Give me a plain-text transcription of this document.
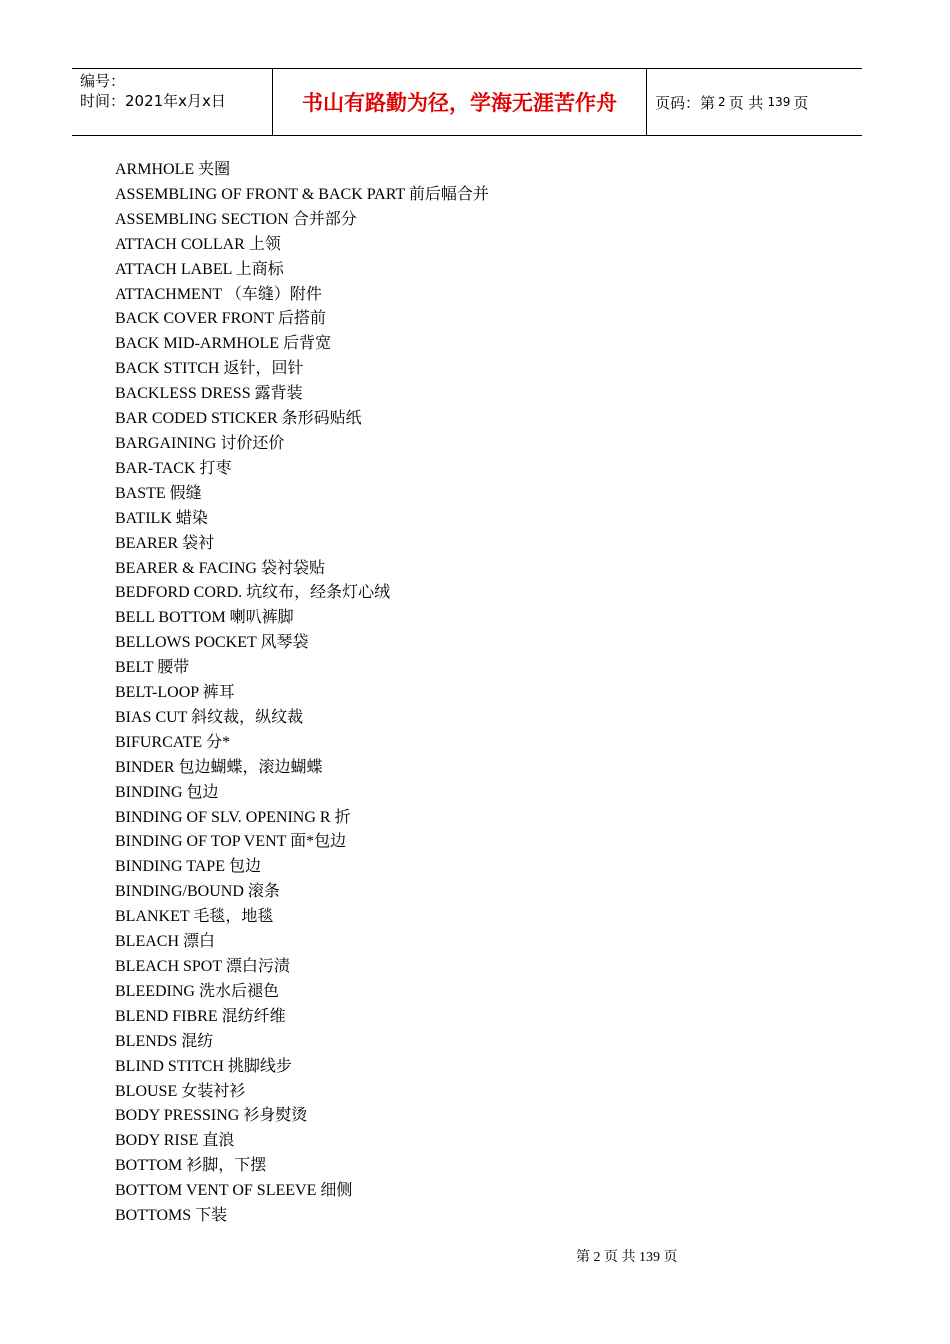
编号：
时间：2021年x月x日	书山有路勤为径，学海无涯苦作舟	页码：第 2 页 共 139 页
ARMHOLE 夹圈
ASSEMBLING OF FRONT & BACK PART 前后幅合并
ASSEMBLING SECTION 合并部分
ATTACH COLLAR 上领
ATTACH LABEL 上商标
ATTACHMENT （车缝）附件
BACK COVER FRONT 后搭前
BACK MID-ARMHOLE 后背宽
BACK STITCH 返针，回针
BACKLESS DRESS 露背装
BAR CODED STICKER 条形码贴纸
BARGAINING 讨价还价
BAR-TACK 打枣
BASTE 假缝
BATILK 蜡染
BEARER 袋衬
BEARER & FACING 袋衬袋贴
BEDFORD CORD. 坑纹布，经条灯心绒
BELL BOTTOM 喇叭裤脚
BELLOWS POCKET 风琴袋
BELT 腰带
BELT-LOOP 裤耳
BIAS CUT 斜纹裁，纵纹裁
BIFURCATE 分*
BINDER 包边蝴蝶，滚边蝴蝶
BINDING 包边
BINDING OF SLV. OPENING R 折
BINDING OF TOP VENT 面*包边
BINDING TAPE 包边
BINDING/BOUND 滚条
BLANKET 毛毯，地毯
BLEACH 漂白
BLEACH SPOT 漂白污渍
BLEEDING 洗水后褪色
BLEND FIBRE 混纺纤维
BLENDS 混纺
BLIND STITCH 挑脚线步
BLOUSE 女装衬衫
BODY PRESSING 衫身熨烫
BODY RISE 直浪
BOTTOM 衫脚，下摆
BOTTOM VENT OF SLEEVE 细侧
BOTTOMS 下装
第 2 页 共 139 页
